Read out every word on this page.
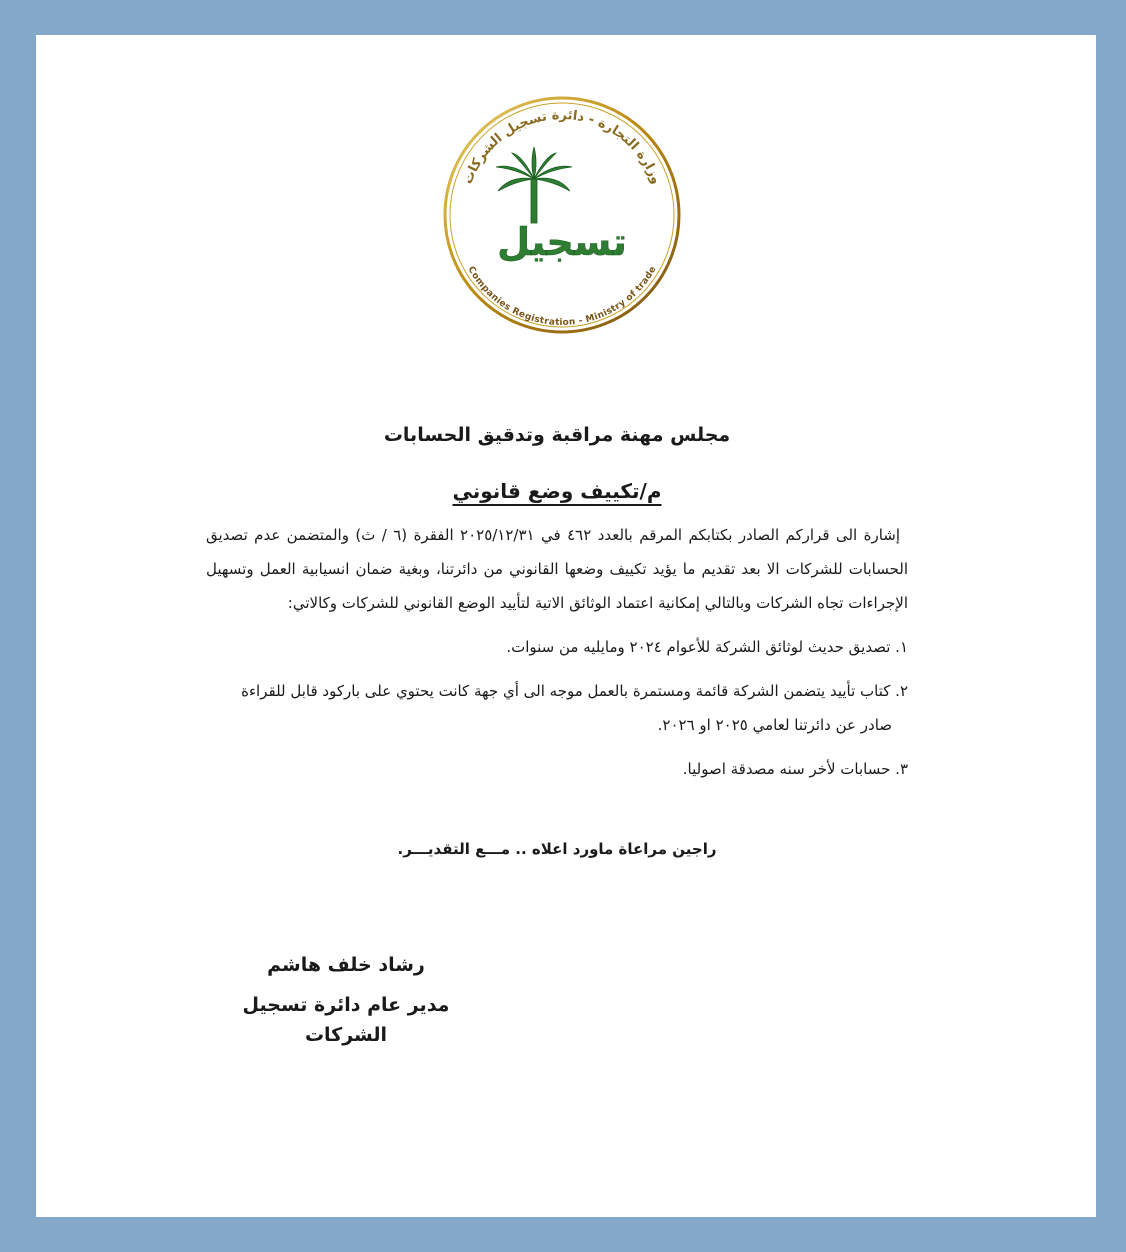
وزارة التجارة - دائرة تسجيل الشركات
Companies Registration - Ministry of trade
تسجيل
مجلس مهنة مراقبة وتدقيق الحسابات
م/تكييف وضع قانوني
إشارة الى قراركم الصادر بكتابكم المرقم بالعدد ٤٦٢ في ٢٠٢٥/١٢/٣١ الفقرة (٦ / ث) والمتضمن عدم تصديق الحسابات للشركات الا بعد تقديم ما يؤيد تكييف وضعها القانوني من دائرتنا، وبغية ضمان انسيابية العمل وتسهيل الإجراءات تجاه الشركات وبالتالي إمكانية اعتماد الوثائق الاتية لتأييد الوضع القانوني للشركات وكالاتي:
١. تصديق حديث لوثائق الشركة للأعوام ٢٠٢٤ ومايليه من سنوات.
٢. كتاب تأييد يتضمن الشركة قائمة ومستمرة بالعمل موجه الى أي جهة كانت يحتوي على باركود قابل للقراءة
صادر عن دائرتنا لعامي ٢٠٢٥ او ٢٠٢٦.
٣. حسابات لأخر سنه مصدقة اصوليا.
راجين مراعاة ماورد اعلاه .. مـــع التقديـــر.
رشاد خلف هاشم
مدير عام دائرة تسجيل الشركات
